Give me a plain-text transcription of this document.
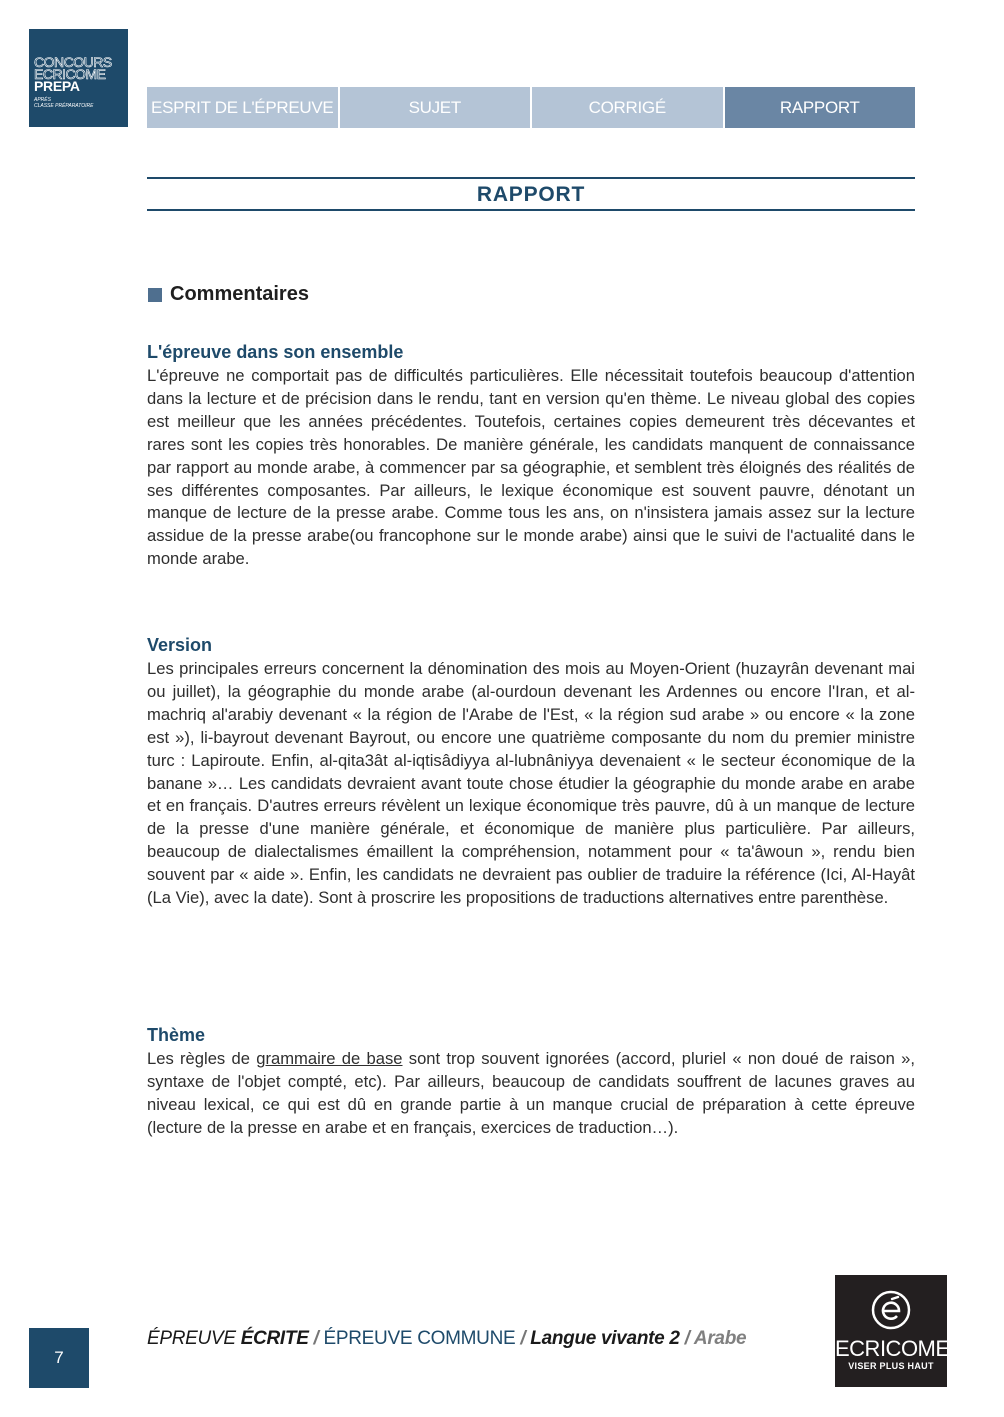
CONCOURS
ECRICOME
PREPA
APRÈS
CLASSE PRÉPARATOIRE	ESPRIT DE L'ÉPREUVE	SUJET	CORRIGÉ	RAPPORT
RAPPORT
Commentaires
L'épreuve dans son ensemble

L'épreuve ne comportait pas de difficultés particulières. Elle nécessitait toutefois beaucoup d'attention dans la lecture et de précision dans le rendu, tant en version qu'en thème. Le niveau global des copies est meilleur que les années précédentes. Toutefois, certaines copies demeurent très décevantes et rares sont les copies très honorables. De manière générale, les candidats manquent de connaissance par rapport au monde arabe, à commencer par sa géographie, et semblent très éloignés des réalités de ses différentes composantes. Par ailleurs, le lexique économique est souvent pauvre, dénotant un manque de lecture de la presse arabe. Comme tous les ans, on n'insistera jamais assez sur la lecture assidue de la presse arabe(ou francophone sur le monde arabe) ainsi que le suivi de l'actualité dans le monde arabe.

Version

Les principales erreurs concernent la dénomination des mois au Moyen-Orient (huzayrân devenant mai ou juillet), la géographie du monde arabe (al-ourdoun devenant les Ardennes ou encore l'Iran, et al-machriq al'arabiy devenant « la région de l'Arabe de l'Est, « la région sud arabe » ou encore « la zone est »), li-bayrout devenant Bayrout, ou encore une quatrième composante du nom du premier ministre turc : Lapiroute. Enfin, al-qita3ât al-iqtisâdiyya al-lubnâniyya devenaient « le secteur économique de la banane »… Les candidats devraient avant toute chose étudier la géographie du monde arabe en arabe et en français. D'autres erreurs révèlent un lexique économique très pauvre, dû à un manque de lecture de la presse d'une manière générale, et économique de manière plus particulière. Par ailleurs, beaucoup de dialectalismes émaillent la compréhension, notamment pour « ta'âwoun », rendu bien souvent par « aide ». Enfin, les candidats ne devraient pas oublier de traduire la référence (Ici, Al-Hayât (La Vie), avec la date). Sont à proscrire les propositions de traductions alternatives entre parenthèse.

Thème

Les règles de grammaire de base sont trop souvent ignorées (accord, pluriel « non doué de raison », syntaxe de l'objet compté, etc). Par ailleurs, beaucoup de candidats souffrent de lacunes graves au niveau lexical, ce qui est dû en grande partie à un manque crucial de préparation à cette épreuve (lecture de la presse en arabe et en français, exercices de traduction…).

7
ÉPREUVE ÉCRITE / ÉPREUVE COMMUNE / Langue vivante 2 / Arabe	ECRICOME
VISER PLUS HAUT
